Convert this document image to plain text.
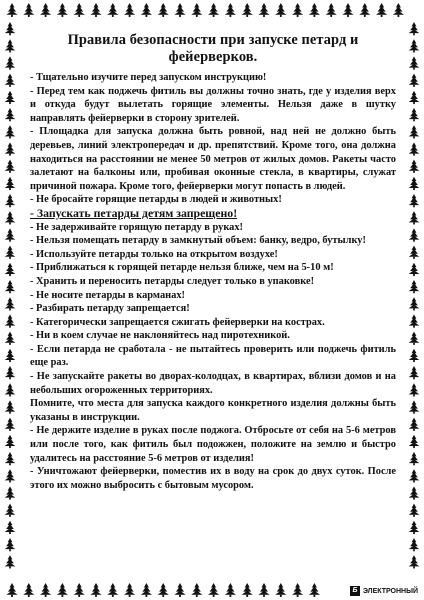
Правила безопасности при запуске петард и фейерверков.

- Тщательно изучите перед запуском инструкцию!

- Перед тем как поджечь фитиль вы должны точно знать, где у изделия верх и откуда будут вылетать горящие элементы. Нельзя даже в шутку направлять фейерверки в сторону зрителей.

- Площадка для запуска должна быть ровной, над ней не должно быть деревьев, линий электропередач и др. препятствий. Кроме того, она должна находиться на расстоянии не менее 50 метров от жилых домов. Ракеты часто залетают на балконы или, пробивая оконные стекла, в квартиры, служат причиной пожара. Кроме того, фейерверки могут попасть в людей.

- Не бросайте горящие петарды в людей и животных!

- Запускать петарды детям запрещено!

- Не задерживайте горящую петарду в руках!

- Нельзя помещать петарду в замкнутый объем: банку, ведро, бутылку!

- Используйте петарды только на открытом воздухе!

- Приближаться к горящей петарде нельзя ближе, чем на 5-10 м!

- Хранить и переносить петарды следует только в упаковке!

- Не носите петарды в карманах!

- Разбирать петарду запрещается!

- Категорически запрещается сжигать фейерверки на кострах.

- Ни в коем случае не наклоняйтесь над пиротехникой.

- Если петарда не сработала - не пытайтесь проверить или поджечь фитиль еще раз.

- Не запускайте ракеты во дворах-колодцах, в квартирах, вблизи домов и на небольших огороженных территориях.

Помните, что места для запуска каждого конкретного изделия должны быть указаны в инструкции.

- Не держите изделие в руках после поджога. Отбросьте от себя на 5-6 метров или после того, как фитиль был подожжен, положите на землю и быстро удалитесь на расстояние 5-6 метров от изделия!

- Уничтожают фейерверки, поместив их в воду на срок до двух суток. После этого их можно выбросить с бытовым мусором.

Б ЭЛЕКТРОННЫЙ
